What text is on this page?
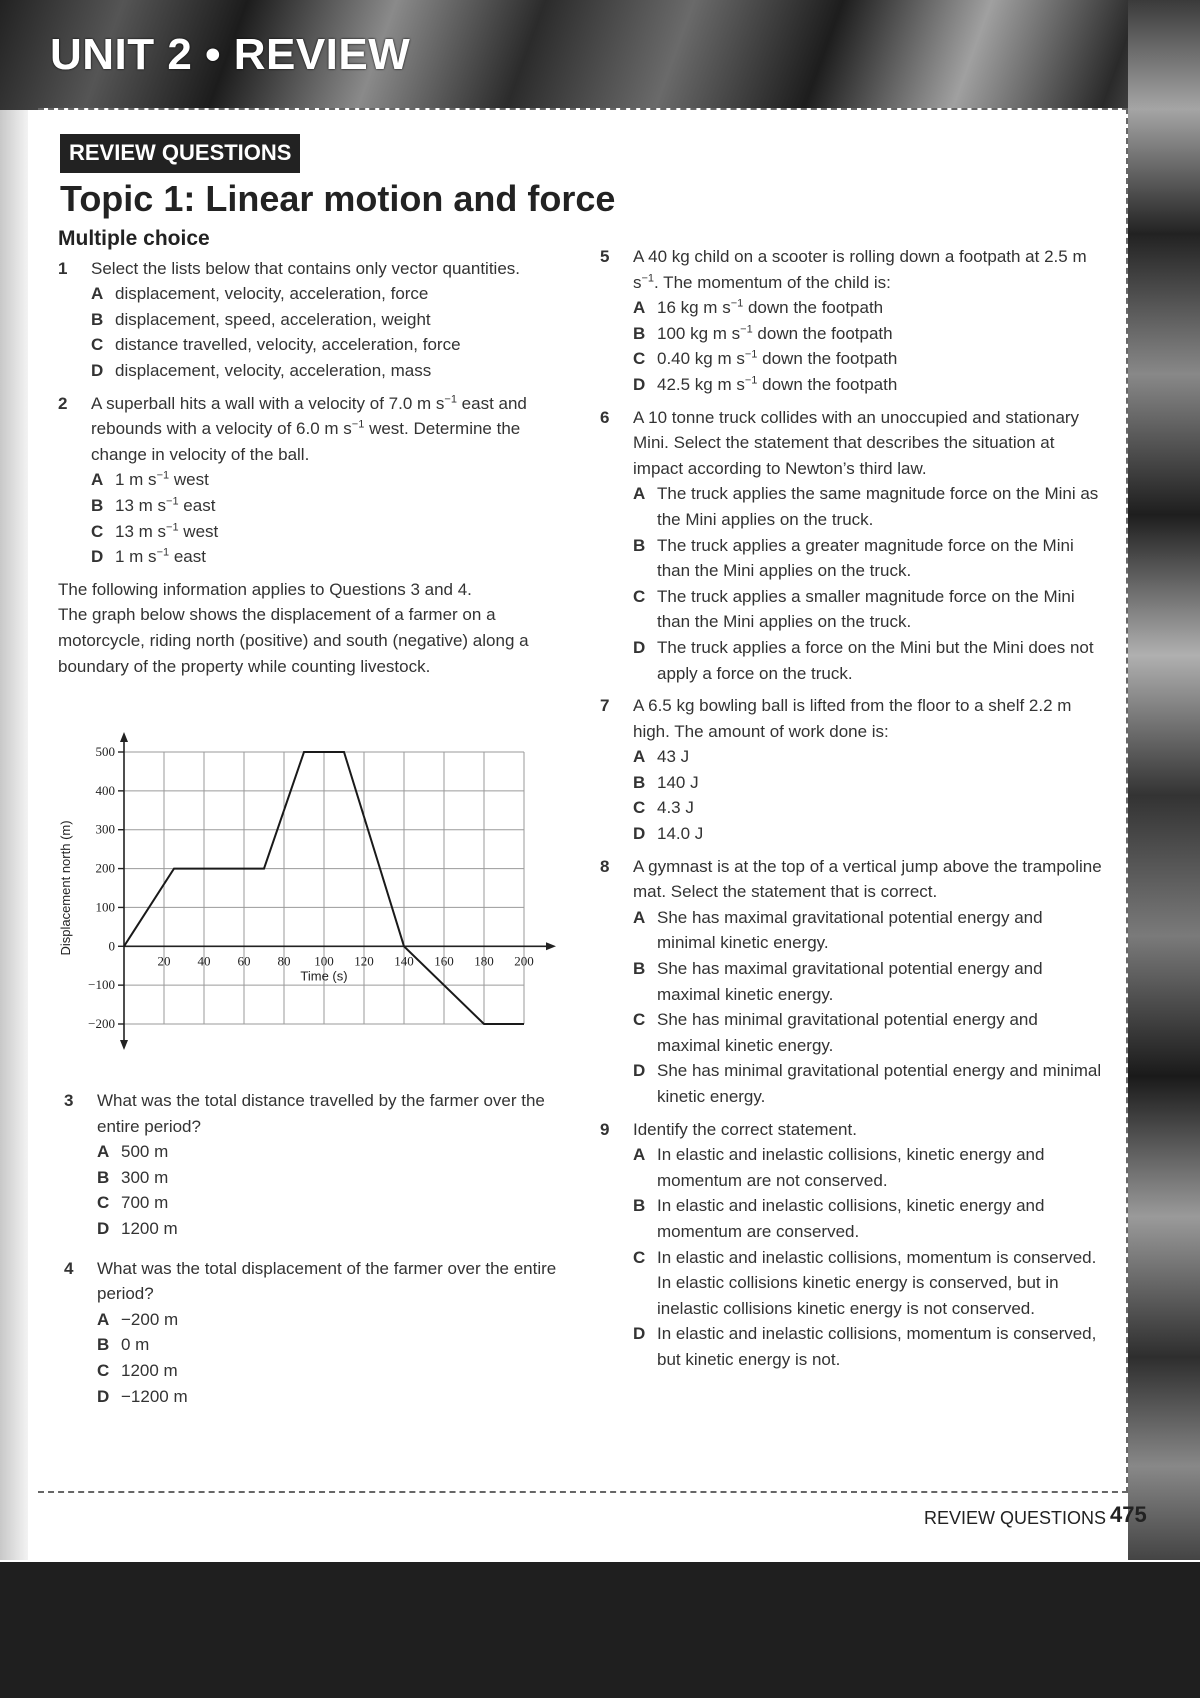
UNIT 2 • REVIEW
REVIEW QUESTIONS
Topic 1: Linear motion and force
Multiple choice
1 Select the lists below that contains only vector quantities.
A displacement, velocity, acceleration, force
B displacement, speed, acceleration, weight
C distance travelled, velocity, acceleration, force
D displacement, velocity, acceleration, mass
2 A superball hits a wall with a velocity of 7.0 m $s^{-1}$ east and rebounds with a velocity of 6.0 m $s^{-1}$ west. Determine the change in velocity of the ball.
A 1 m $s^{-1}$ west
B 13 m $s^{-1}$ east
C 13 m $s^{-1}$ west
D 1 m $s^{-1}$ east

The following information applies to Questions 3 and 4.

The graph below shows the displacement of a farmer on a motorcycle, riding north (positive) and south (negative) along a boundary of the property while counting livestock.

500
400
300
200
100
0
−100
−200
20 40 60 80 100 120 140 160 180 200
Time (s)
Displacement north (m)
3 What was the total distance travelled by the farmer over the entire period?
A 500 m
B 300 m
C 700 m
D 1200 m
4 What was the total displacement of the farmer over the entire period?
A −200 m
B 0 m
C 1200 m
D −1200 m
5 A 40 kg child on a scooter is rolling down a footpath at 2.5 m $s^{-1}$. The momentum of the child is:
A 16 kg m $s^{-1}$ down the footpath
B 100 kg m $s^{-1}$ down the footpath
C 0.40 kg m $s^{-1}$ down the footpath
D 42.5 kg m $s^{-1}$ down the footpath
6 A 10 tonne truck collides with an unoccupied and stationary Mini. Select the statement that describes the situation at impact according to Newton’s third law.
A The truck applies the same magnitude force on the Mini as the Mini applies on the truck.
B The truck applies a greater magnitude force on the Mini than the Mini applies on the truck.
C The truck applies a smaller magnitude force on the Mini than the Mini applies on the truck.
D The truck applies a force on the Mini but the Mini does not apply a force on the truck.
7 A 6.5 kg bowling ball is lifted from the floor to a shelf 2.2 m high. The amount of work done is:
A 43 J
B 140 J
C 4.3 J
D 14.0 J
8 A gymnast is at the top of a vertical jump above the trampoline mat. Select the statement that is correct.
A She has maximal gravitational potential energy and minimal kinetic energy.
B She has maximal gravitational potential energy and maximal kinetic energy.
C She has minimal gravitational potential energy and maximal kinetic energy.
D She has minimal gravitational potential energy and minimal kinetic energy.
9 Identify the correct statement.
A In elastic and inelastic collisions, kinetic energy and momentum are not conserved.
B In elastic and inelastic collisions, kinetic energy and momentum are conserved.
C In elastic and inelastic collisions, momentum is conserved. In elastic collisions kinetic energy is conserved, but in inelastic collisions kinetic energy is not conserved.
D In elastic and inelastic collisions, momentum is conserved, but kinetic energy is not.
REVIEW QUESTIONS 475
